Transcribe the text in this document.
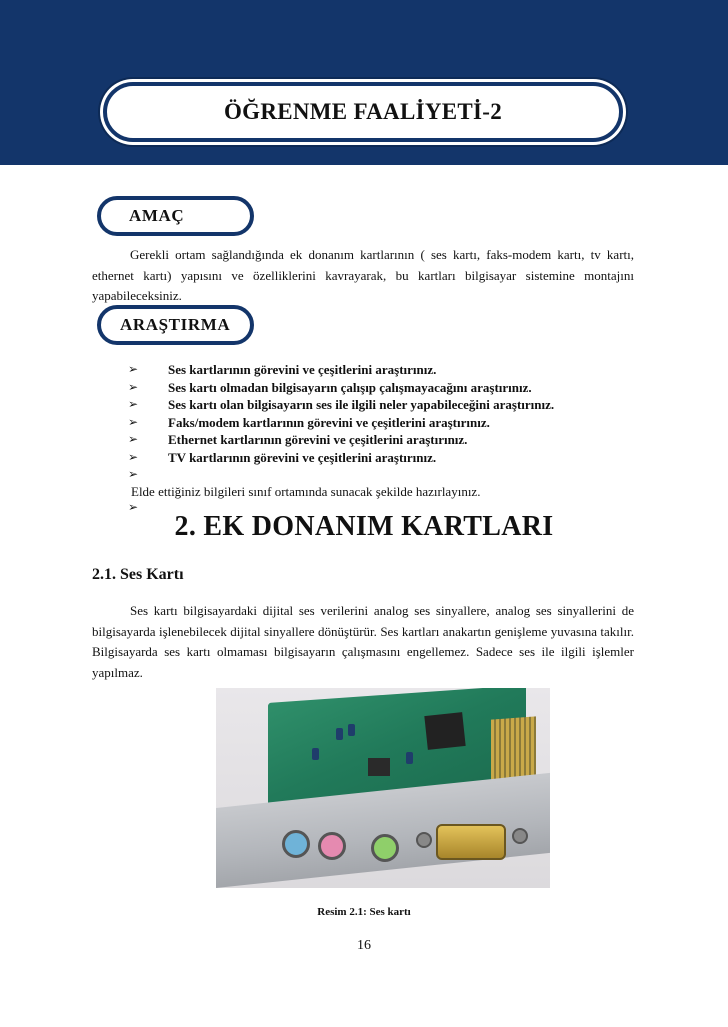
ÖĞRENME FAALİYETİ-2
AMAÇ

Gerekli ortam sağlandığında ek donanım kartlarının ( ses kartı, faks-modem kartı, tv kartı, ethernet kartı) yapısını ve özelliklerini kavrayarak, bu kartları bilgisayar sistemine montajını yapabileceksiniz.

ARAŞTIRMA
➢ Ses kartlarının görevini ve çeşitlerini araştırınız.
➢ Ses kartı olmadan bilgisayarın çalışıp çalışmayacağını araştırınız.
➢ Ses kartı olan bilgisayarın ses ile ilgili neler yapabileceğini araştırınız.
➢ Faks/modem kartlarının görevini ve çeşitlerini araştırınız.
➢ Ethernet kartlarının görevini ve çeşitlerini araştırınız.
➢ TV kartlarının görevini ve çeşitlerini araştırınız.
➢
Elde ettiğiniz bilgileri sınıf ortamında sunacak şekilde hazırlayınız.
➢
2. EK DONANIM KARTLARI
2.1. Ses Kartı

Ses kartı bilgisayardaki dijital ses verilerini analog ses sinyallere, analog ses sinyallerini de bilgisayarda işlenebilecek dijital sinyallere dönüştürür. Ses kartları anakartın genişleme yuvasına takılır. Bilgisayarda ses kartı olmaması bilgisayarın çalışmasını engellemez. Sadece ses ile ilgili işlemler yapılmaz.

Resim 2.1: Ses kartı
16
